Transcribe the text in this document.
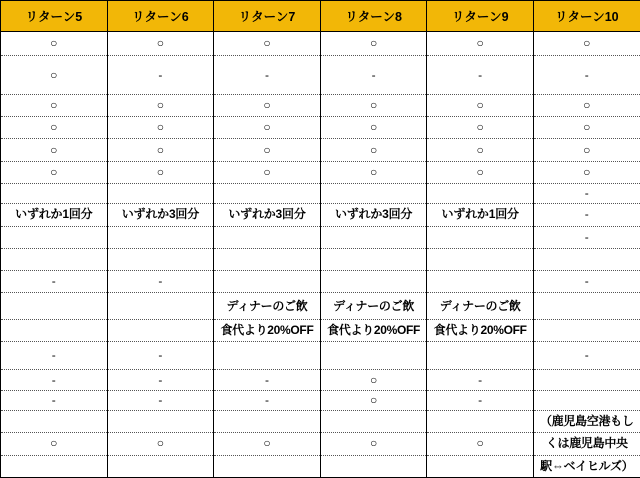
リターン5	リターン6	リターン7	リターン8	リターン9	リターン10
○	○	○	○	○	○
○	-	-	-	-	-
○	○	○	○	○	○
○	○	○	○	○	○
○	○	○	○	○	○
○	○	○	○	○	○
					-
いずれか1回分	いずれか3回分	いずれか3回分	いずれか3回分	いずれか1回分	-
					-

-	-				-
		ディナーのご飲	ディナーのご飲	ディナーのご飲	
		食代より20%OFF	食代より20%OFF	食代より20%OFF	
-	-				-
-	-	-	○	-	
-	-	-	○	-	
					（鹿児島空港もし
○	○	○	○	○	くは鹿児島中央
					駅⇔ベイヒルズ）
